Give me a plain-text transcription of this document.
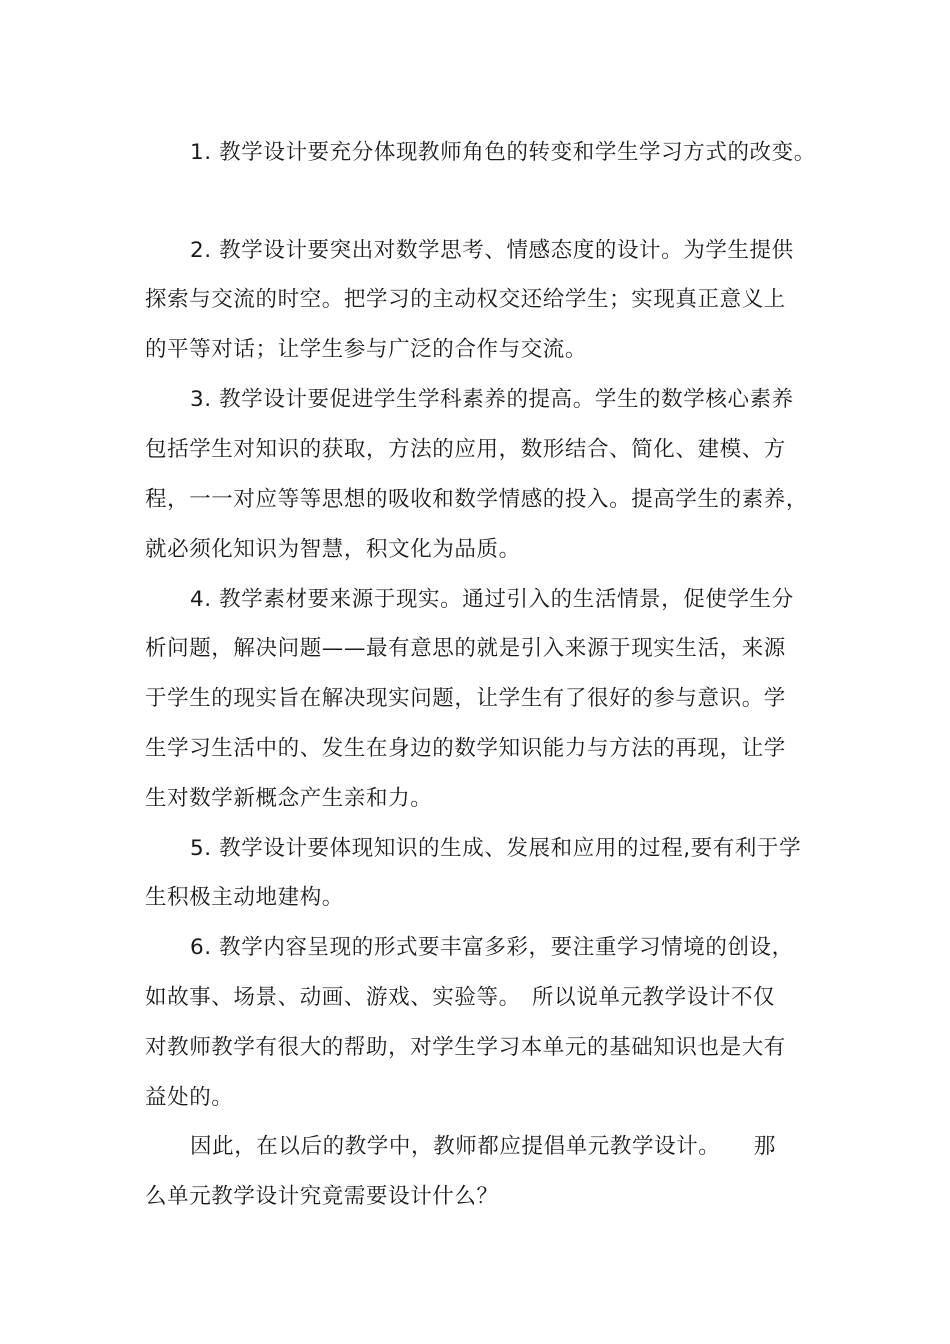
1. 教学设计要充分体现教师角色的转变和学生学习方式的改变。
2. 教学设计要突出对数学思考、情感态度的设计。为学生提供
探索与交流的时空。把学习的主动权交还给学生；实现真正意义上
的平等对话；让学生参与广泛的合作与交流。
3. 教学设计要促进学生学科素养的提高。学生的数学核心素养
包括学生对知识的获取，方法的应用，数形结合、简化、建模、方
程，一一对应等等思想的吸收和数学情感的投入。提高学生的素养，
就必须化知识为智慧，积文化为品质。
4. 教学素材要来源于现实。通过引入的生活情景，促使学生分
析问题，解决问题——最有意思的就是引入来源于现实生活，来源
于学生的现实旨在解决现实问题，让学生有了很好的参与意识。学
生学习生活中的、发生在身边的数学知识能力与方法的再现，让学
生对数学新概念产生亲和力。
5. 教学设计要体现知识的生成、发展和应用的过程,要有利于学
生积极主动地建构。
6. 教学内容呈现的形式要丰富多彩，要注重学习情境的创设，
如故事、场景、动画、游戏、实验等。　所以说单元教学设计不仅
对教师教学有很大的帮助，对学生学习本单元的基础知识也是大有
益处的。
因此，在以后的教学中，教师都应提倡单元教学设计。　　那
么单元教学设计究竟需要设计什么？
